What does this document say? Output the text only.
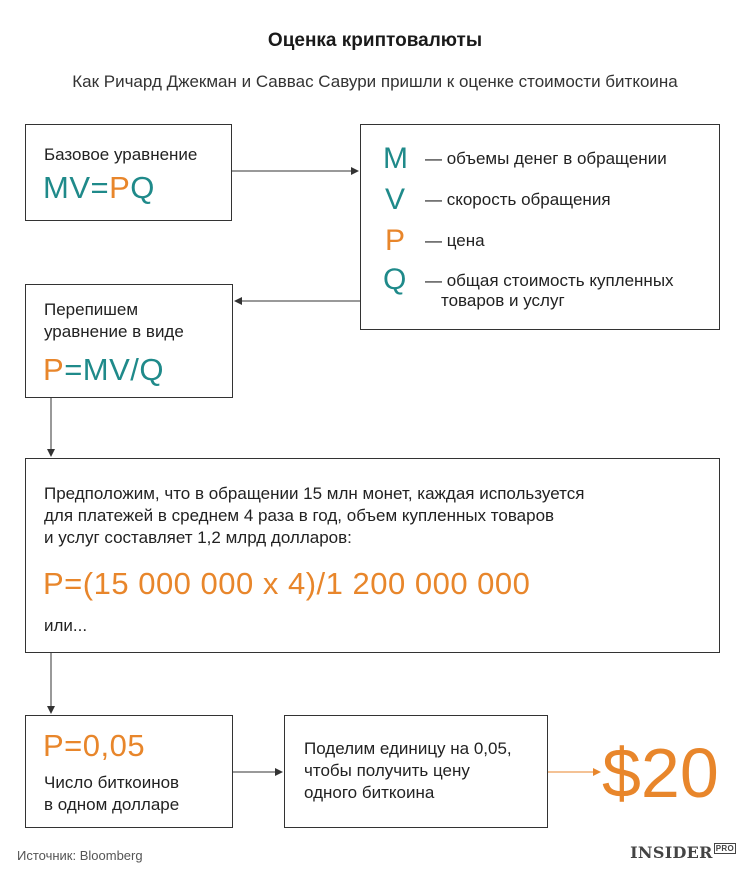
Оценка криптовалюты
Как Ричард Джекман и Саввас Савури пришли к оценке стоимости биткоина
Базовое уравнение
MV=PQ
M — объемы денег в обращении
V — скорость обращения
P — цена
Q — общая стоимость купленных
товаров и услуг
Перепишем
уравнение в виде
P=MV/Q
Предположим, что в обращении 15 млн монет, каждая используется
для платежей в среднем 4 раза в год, объем купленных товаров
и услуг составляет 1,2 млрд долларов:
P=(15 000 000 x 4)/1 200 000 000
или...
P=0,05
Число биткоинов
в одном долларе
Поделим единицу на 0,05,
чтобы получить цену
одного биткоина $20
Источник: Bloomberg	INSIDER $^{PRO}$
